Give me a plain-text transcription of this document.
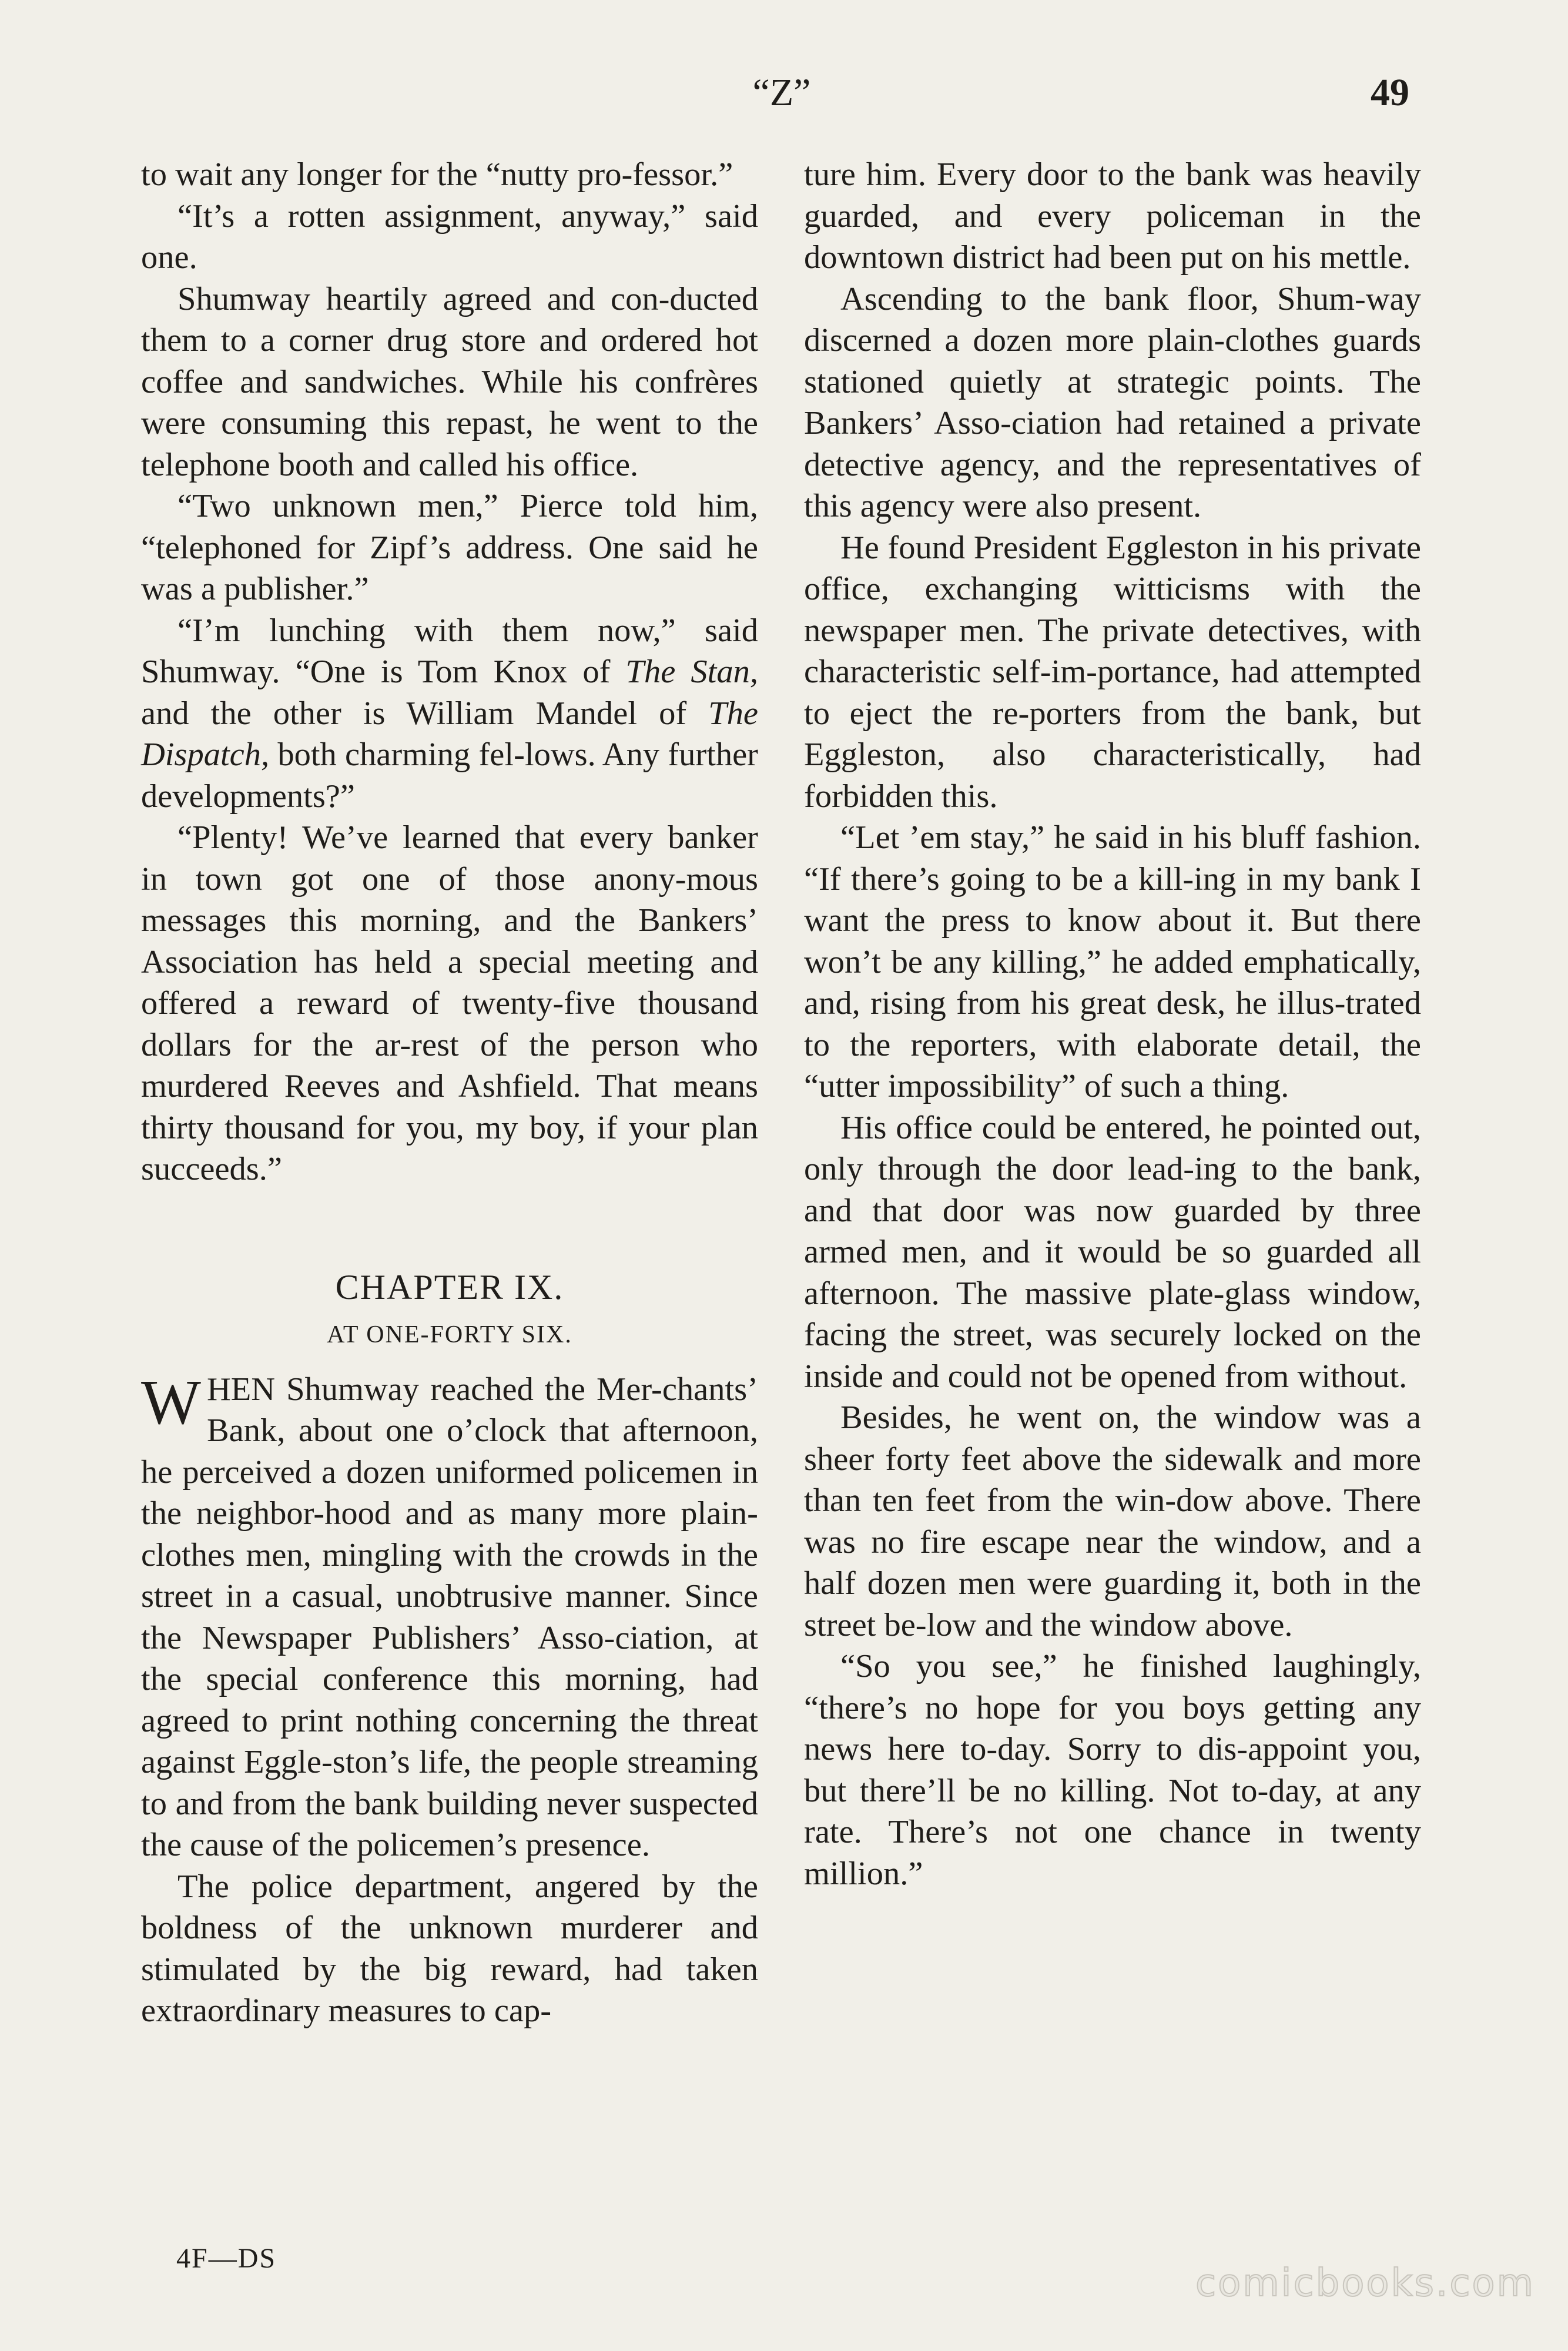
“Z”	49

to wait any longer for the “nutty pro-fessor.”

“It’s a rotten assignment, anyway,” said one.

Shumway heartily agreed and con-ducted them to a corner drug store and ordered hot coffee and sandwiches. While his confrères were consuming this repast, he went to the telephone booth and called his office.

“Two unknown men,” Pierce told him, “telephoned for Zipf’s address. One said he was a publisher.”

“I’m lunching with them now,” said Shumway. “One is Tom Knox of The Stan, and the other is William Mandel of The Dispatch, both charming fel-lows. Any further developments?”

“Plenty! We’ve learned that every banker in town got one of those anony-mous messages this morning, and the Bankers’ Association has held a special meeting and offered a reward of twenty-five thousand dollars for the ar-rest of the person who murdered Reeves and Ashfield. That means thirty thousand for you, my boy, if your plan succeeds.”

CHAPTER IX.
AT ONE-FORTY SIX.

WHEN Shumway reached the Mer-chants’ Bank, about one o’clock that afternoon, he perceived a dozen uniformed policemen in the neighbor-hood and as many more plain-clothes men, mingling with the crowds in the street in a casual, unobtrusive manner. Since the Newspaper Publishers’ Asso-ciation, at the special conference this morning, had agreed to print nothing concerning the threat against Eggle-ston’s life, the people streaming to and from the bank building never suspected the cause of the policemen’s presence.

The police department, angered by the boldness of the unknown murderer and stimulated by the big reward, had taken extraordinary measures to cap-

ture him. Every door to the bank was heavily guarded, and every policeman in the downtown district had been put on his mettle.

Ascending to the bank floor, Shum-way discerned a dozen more plain-clothes guards stationed quietly at strategic points. The Bankers’ Asso-ciation had retained a private detective agency, and the representatives of this agency were also present.

He found President Eggleston in his private office, exchanging witticisms with the newspaper men. The private detectives, with characteristic self-im-portance, had attempted to eject the re-porters from the bank, but Eggleston, also characteristically, had forbidden this.

“Let ’em stay,” he said in his bluff fashion. “If there’s going to be a kill-ing in my bank I want the press to know about it. But there won’t be any killing,” he added emphatically, and, rising from his great desk, he illus-trated to the reporters, with elaborate detail, the “utter impossibility” of such a thing.

His office could be entered, he pointed out, only through the door lead-ing to the bank, and that door was now guarded by three armed men, and it would be so guarded all afternoon. The massive plate-glass window, facing the street, was securely locked on the inside and could not be opened from without.

Besides, he went on, the window was a sheer forty feet above the sidewalk and more than ten feet from the win-dow above. There was no fire escape near the window, and a half dozen men were guarding it, both in the street be-low and the window above.

“So you see,” he finished laughingly, “there’s no hope for you boys getting any news here to-day. Sorry to dis-appoint you, but there’ll be no killing. Not to-day, at any rate. There’s not one chance in twenty million.”

4F—DS
comicbooks.com
